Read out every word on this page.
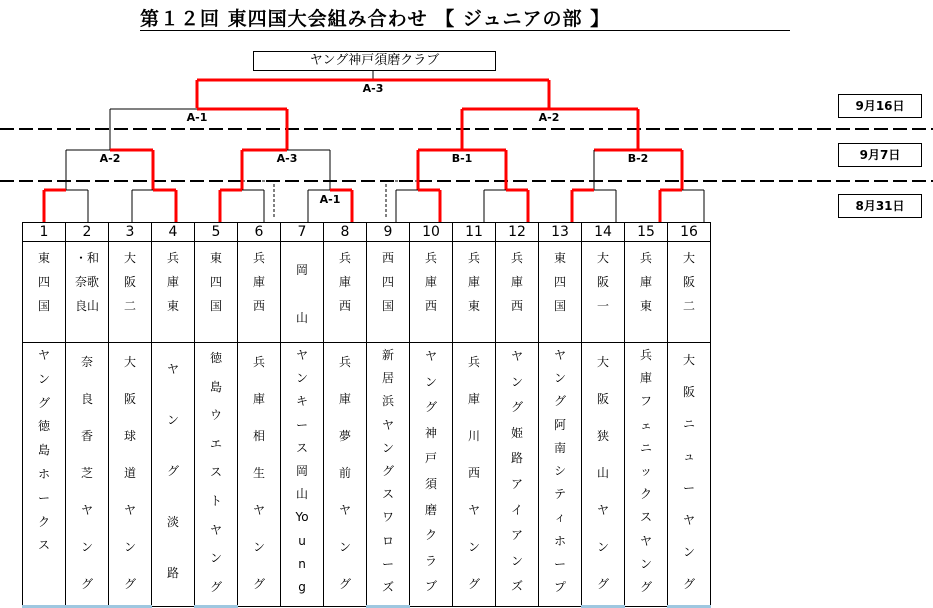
第１２回 東四国大会組み合わせ 【 ジュニアの部 】
ヤング神戸須磨クラブ
9月16日
9月7日
8月31日
A-3
A-1	A-2
A-2	A-3	B-1	B-2
A-1
1	2	3	4	5	6	7	8	9	10	11	12	13	14	15	16
東四国	・和奈歌良山	大阪二	兵庫東	東四国	兵庫西	岡山	兵庫西	西四国	兵庫西	兵庫東	兵庫西	東四国	大阪一	兵庫東	大阪二
ヤング徳島ホークス	奈良香芝ヤング	大阪球道ヤング	ヤング淡路	徳島ウエストヤング	兵庫相生ヤング	ヤンキース岡山Young	兵庫夢前ヤング	新居浜ヤングスワローズ	ヤング神戸須磨クラブ	兵庫川西ヤング	ヤング姫路アイアンズ	ヤング阿南シティホープ	大阪狭山ヤング	兵庫フェニックスヤング	大阪ニューヤング
